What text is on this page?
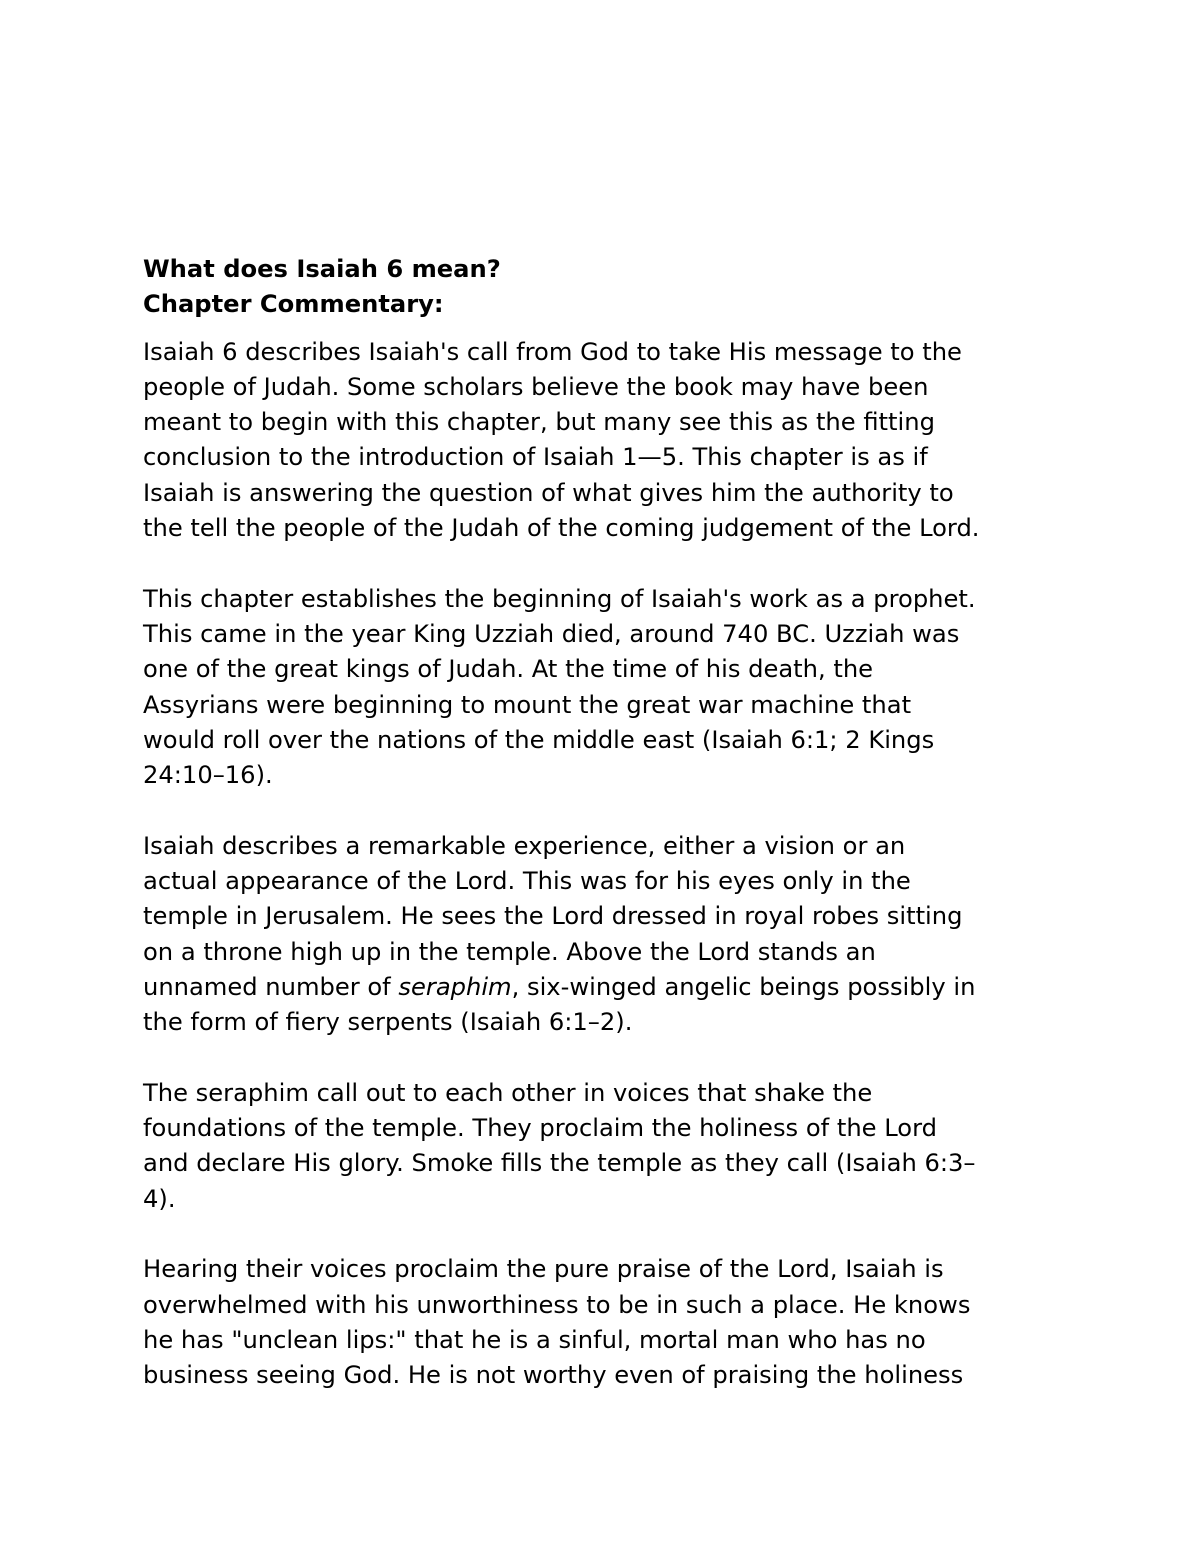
What does Isaiah 6 mean?

Chapter Commentary:

Isaiah 6 describes Isaiah's call from God to take His message to the
people of Judah. Some scholars believe the book may have been
meant to begin with this chapter, but many see this as the fitting
conclusion to the introduction of Isaiah 1—5. This chapter is as if
Isaiah is answering the question of what gives him the authority to
the tell the people of the Judah of the coming judgement of the Lord.

This chapter establishes the beginning of Isaiah's work as a prophet.
This came in the year King Uzziah died, around 740 BC. Uzziah was
one of the great kings of Judah. At the time of his death, the
Assyrians were beginning to mount the great war machine that
would roll over the nations of the middle east (Isaiah 6:1; 2 Kings
24:10–16).

Isaiah describes a remarkable experience, either a vision or an
actual appearance of the Lord. This was for his eyes only in the
temple in Jerusalem. He sees the Lord dressed in royal robes sitting
on a throne high up in the temple. Above the Lord stands an
unnamed number of seraphim, six-winged angelic beings possibly in
the form of fiery serpents (Isaiah 6:1–2).

The seraphim call out to each other in voices that shake the
foundations of the temple. They proclaim the holiness of the Lord
and declare His glory. Smoke fills the temple as they call (Isaiah 6:3–
4).

Hearing their voices proclaim the pure praise of the Lord, Isaiah is
overwhelmed with his unworthiness to be in such a place. He knows
he has "unclean lips:" that he is a sinful, mortal man who has no
business seeing God. He is not worthy even of praising the holiness
